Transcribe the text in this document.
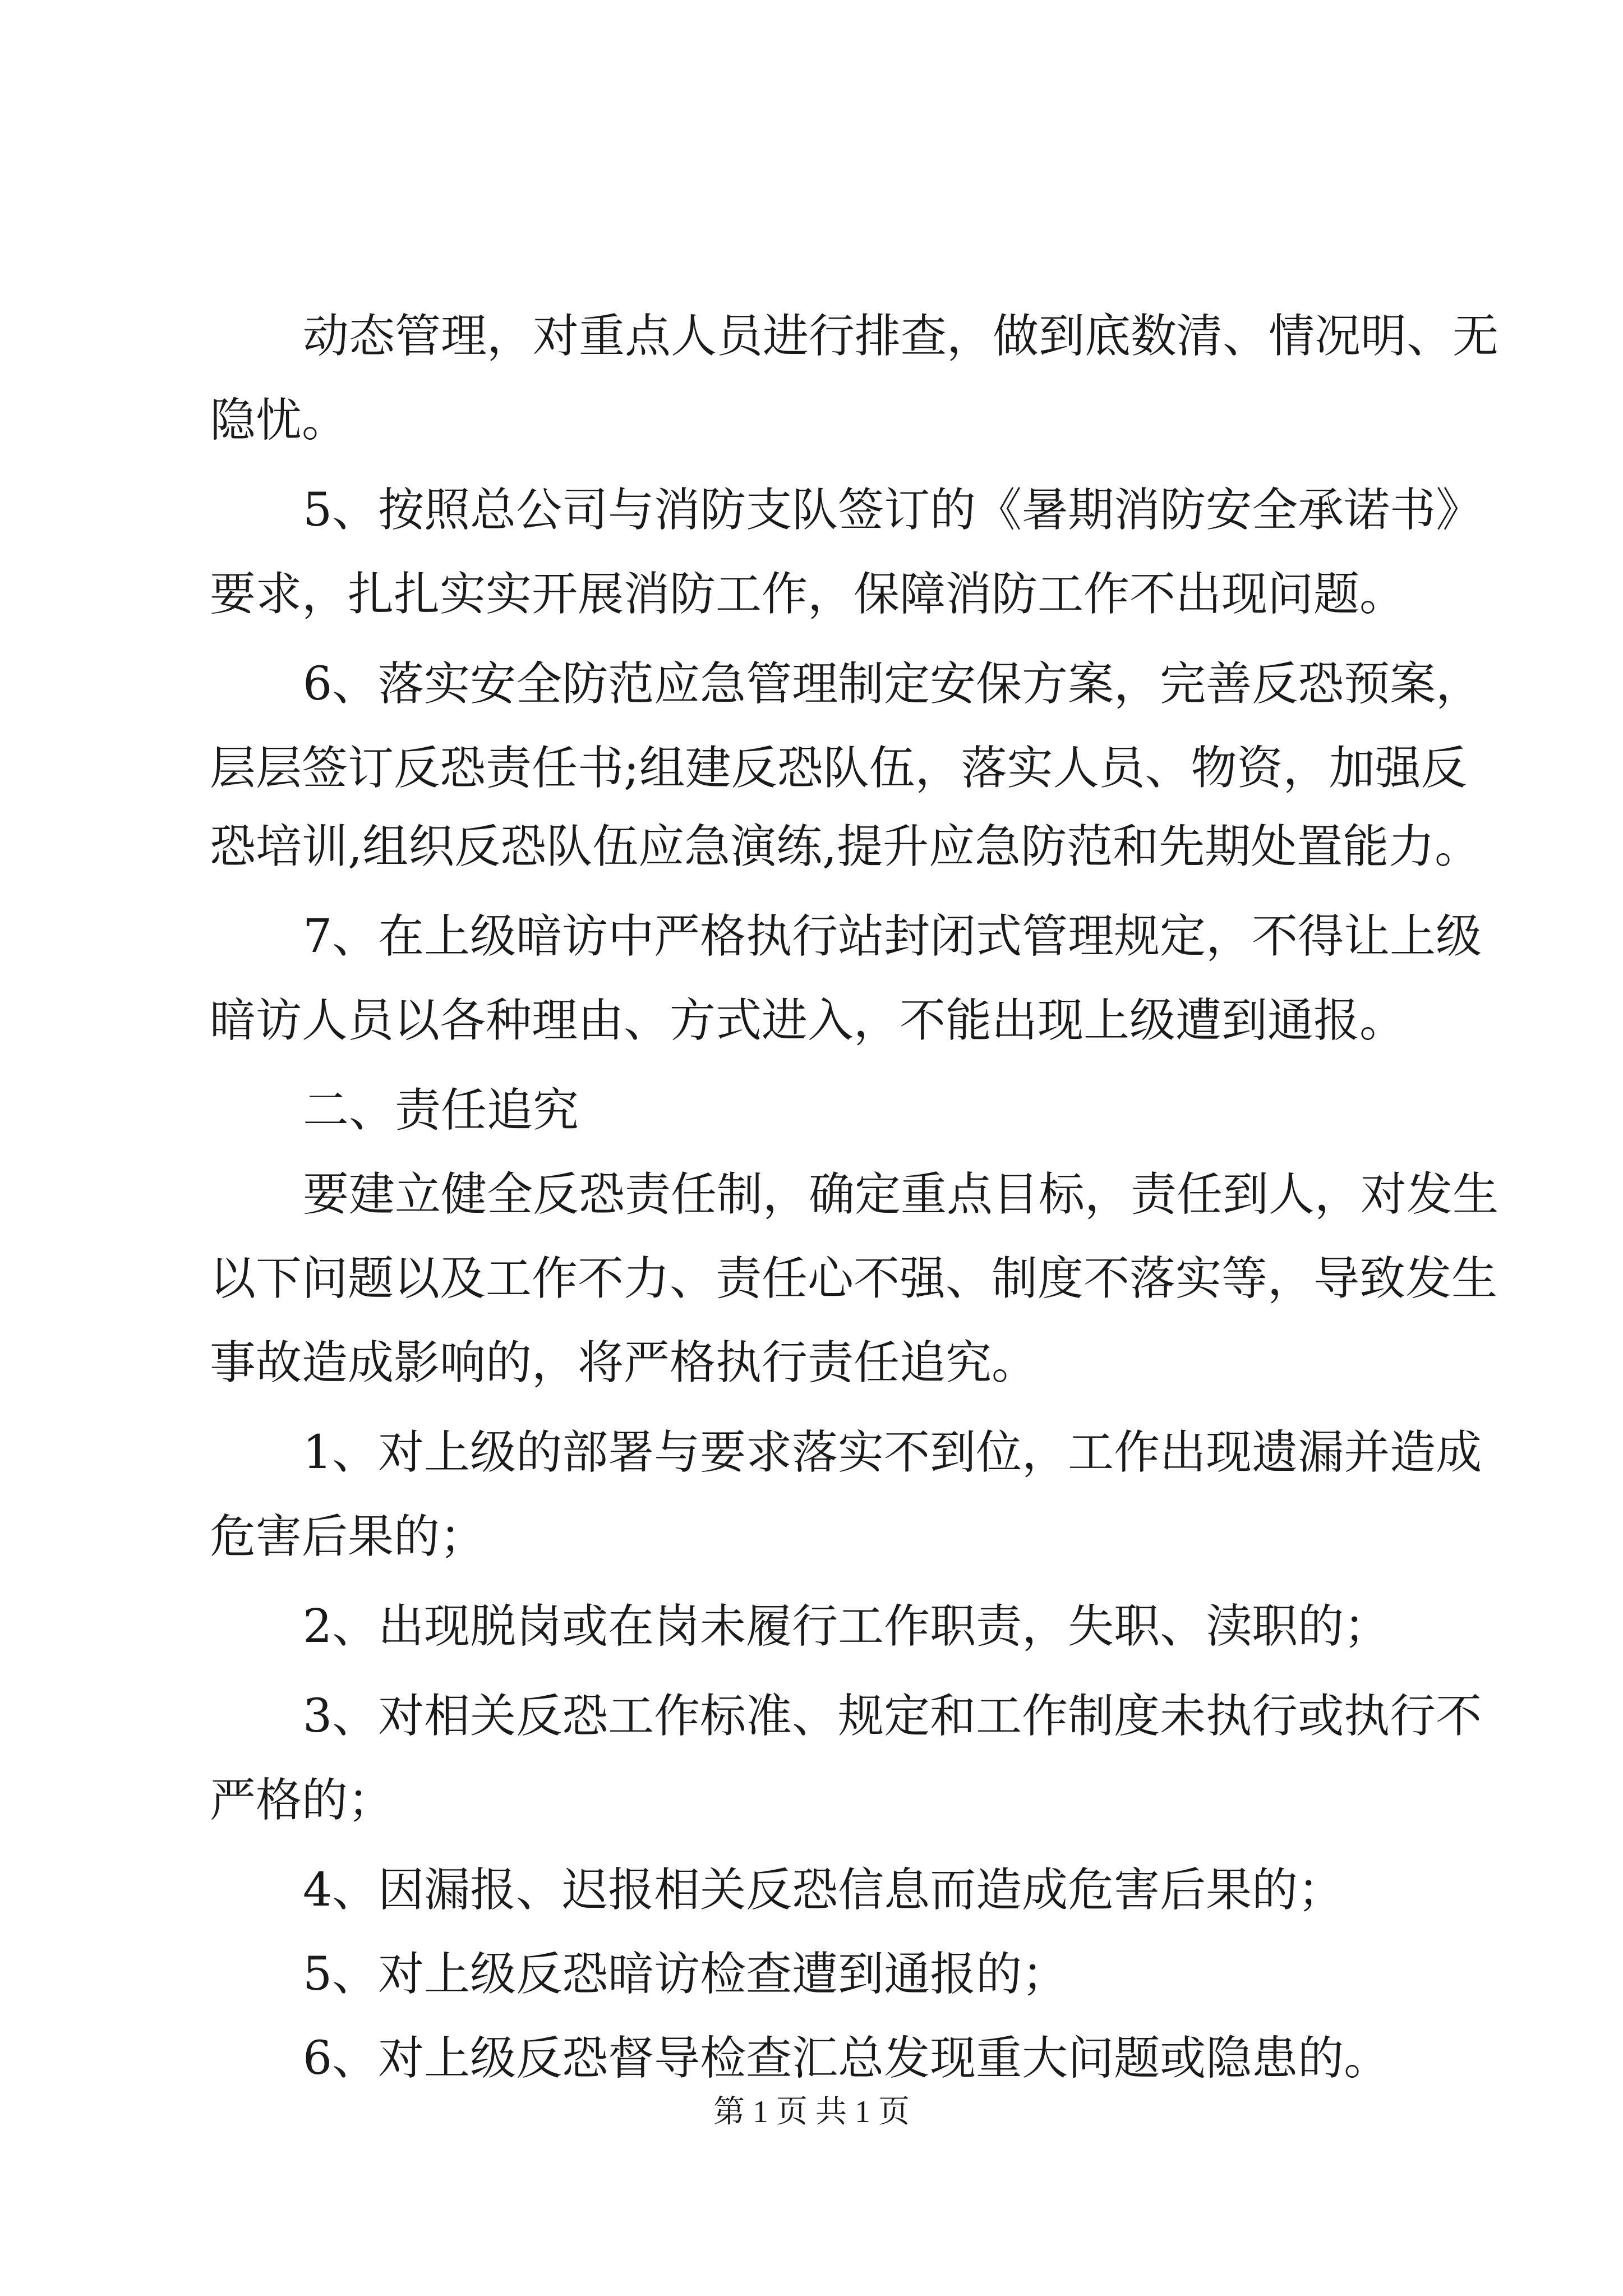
动态管理，对重点人员进行排查，做到底数清、情况明、无

隐忧。

5、按照总公司与消防支队签订的《暑期消防安全承诺书》

要求，扎扎实实开展消防工作，保障消防工作不出现问题。

6、落实安全防范应急管理制定安保方案，完善反恐预案，

层层签订反恐责任书;组建反恐队伍，落实人员、物资，加强反

恐培训,组织反恐队伍应急演练,提升应急防范和先期处置能力。

7、在上级暗访中严格执行站封闭式管理规定，不得让上级

暗访人员以各种理由、方式进入，不能出现上级遭到通报。

二、责任追究

要建立健全反恐责任制，确定重点目标，责任到人，对发生

以下问题以及工作不力、责任心不强、制度不落实等，导致发生

事故造成影响的，将严格执行责任追究。

1、对上级的部署与要求落实不到位，工作出现遗漏并造成

危害后果的；

2、出现脱岗或在岗未履行工作职责，失职、渎职的；

3、对相关反恐工作标准、规定和工作制度未执行或执行不

严格的；

4、因漏报、迟报相关反恐信息而造成危害后果的；

5、对上级反恐暗访检查遭到通报的；

6、对上级反恐督导检查汇总发现重大问题或隐患的。

第 1 页 共 1 页
